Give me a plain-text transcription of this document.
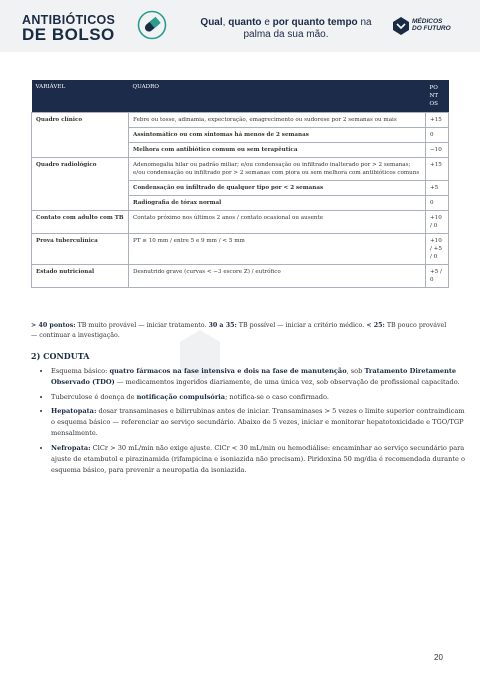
ANTIBIÓTICOS
DE BOLSO
Qual, quanto e por quanto tempo na
palma da sua mão.
MÉDICOS
DO FUTURO
VARIÁVEL	QUADRO	PONTOS
Quadro clínico	Febre ou tosse, adinamia, expectoração, emagrecimento ou sudorese por 2 semanas ou mais	+15
	Assintomático ou com sintomas há menos de 2 semanas	0
	Melhora com antibiótico comum ou sem terapêutica	−10
Quadro radiológico	Adenomegalia hilar ou padrão miliar; e/ou condensação ou infiltrado inalterado por > 2 semanas; e/ou condensação ou infiltrado por > 2 semanas com piora ou sem melhora com antibióticos comuns	+15
	Condensação ou infiltrado de qualquer tipo por < 2 semanas	+5
	Radiografia de tórax normal	0
Contato com adulto com TB	Contato próximo nos últimos 2 anos / contato ocasional ou ausente	+10 / 0
Prova tuberculínica	PT ≥ 10 mm / entre 5 e 9 mm / < 5 mm	+10 / +5 / 0
Estado nutricional	Desnutrido grave (curvas < −3 escore Z) / eutrófico	+5 / 0
> 40 pontos: TB muito provável — iniciar tratamento. 30 a 35: TB possível — iniciar a critério médico. < 25: TB pouco provável — continuar a investigação.
2) CONDUTA
• Esquema básico: quatro fármacos na fase intensiva e dois na fase de manutenção, sob Tratamento Diretamente Observado (TDO) — medicamentos ingeridos diariamente, de uma única vez, sob observação de profissional capacitado.
• Tuberculose é doença de notificação compulsória; notifica-se o caso confirmado.
• Hepatopata: dosar transaminases e bilirrubinas antes de iniciar. Transaminases > 5 vezes o limite superior contraindicam o esquema básico — referenciar ao serviço secundário. Abaixo de 5 vezes, iniciar e monitorar hepatotoxicidade e TGO/TGP mensalmente.
• Nefropata: ClCr > 30 mL/min não exige ajuste. ClCr < 30 mL/min ou hemodiálise: encaminhar ao serviço secundário para ajuste de etambutol e pirazinamida (rifampicina e isoniazida não precisam). Piridoxina 50 mg/dia é recomendada durante o esquema básico, para prevenir a neuropatia da isoniazida.
20
